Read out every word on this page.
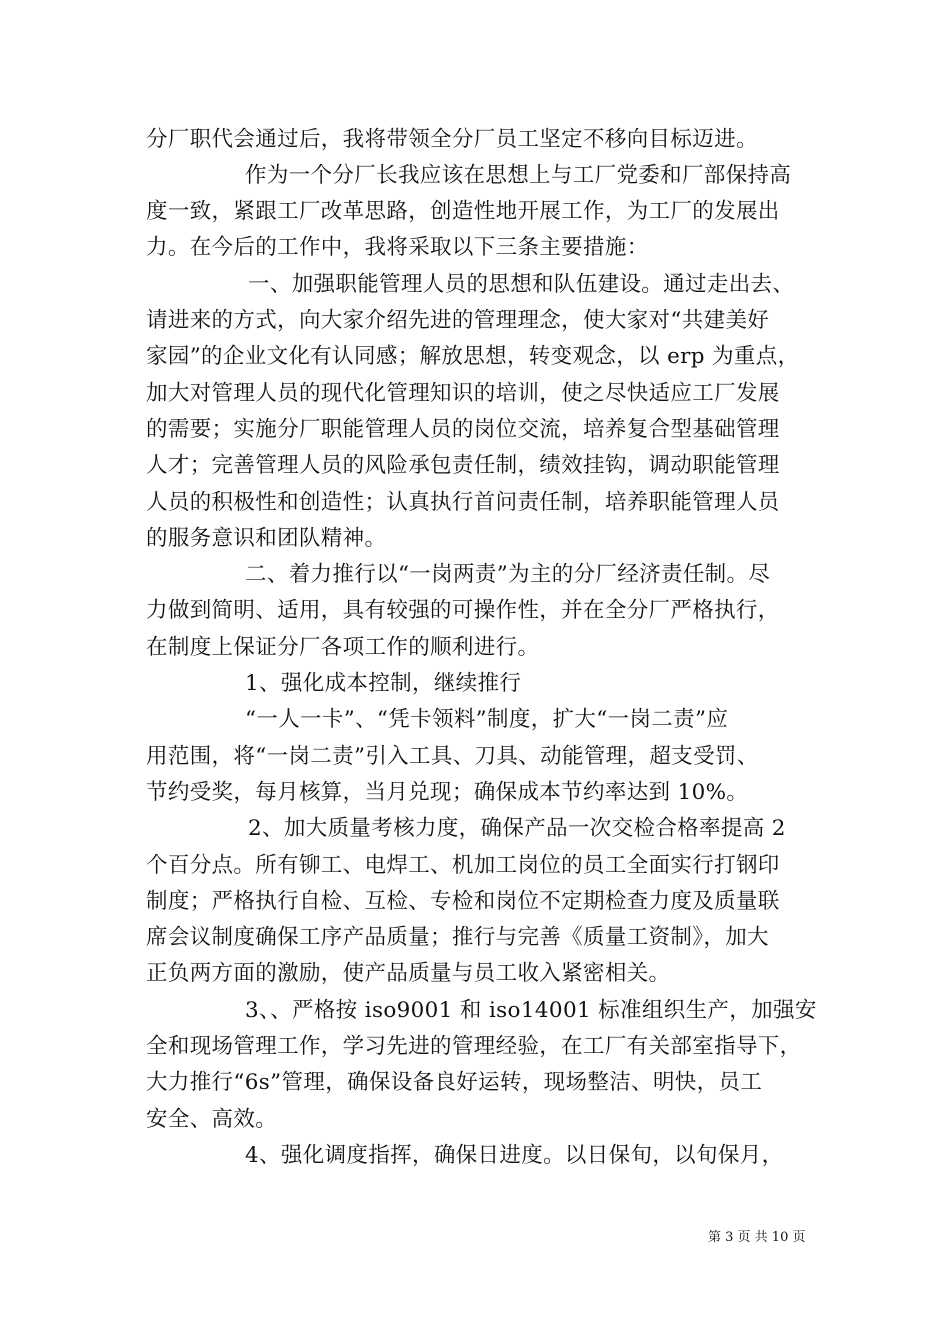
分厂职代会通过后，我将带领全分厂员工坚定不移向目标迈进。
作为一个分厂长我应该在思想上与工厂党委和厂部保持高
度一致，紧跟工厂改革思路，创造性地开展工作，为工厂的发展出
力。在今后的工作中，我将采取以下三条主要措施：
一、加强职能管理人员的思想和队伍建设。通过走出去、
请进来的方式，向大家介绍先进的管理理念，使大家对“共建美好
家园”的企业文化有认同感；解放思想，转变观念，以 erp 为重点，
加大对管理人员的现代化管理知识的培训，使之尽快适应工厂发展
的需要；实施分厂职能管理人员的岗位交流，培养复合型基础管理
人才；完善管理人员的风险承包责任制，绩效挂钩，调动职能管理
人员的积极性和创造性；认真执行首问责任制，培养职能管理人员
的服务意识和团队精神。
二、着力推行以“一岗两责”为主的分厂经济责任制。尽
力做到简明、适用，具有较强的可操作性，并在全分厂严格执行，
在制度上保证分厂各项工作的顺利进行。
1、强化成本控制，继续推行
“一人一卡”、“凭卡领料”制度，扩大“一岗二责”应
用范围，将“一岗二责”引入工具、刀具、动能管理，超支受罚、
节约受奖，每月核算，当月兑现；确保成本节约率达到 10%。
2、加大质量考核力度，确保产品一次交检合格率提高 2
个百分点。所有铆工、电焊工、机加工岗位的员工全面实行打钢印
制度；严格执行自检、互检、专检和岗位不定期检查力度及质量联
席会议制度确保工序产品质量；推行与完善《质量工资制》，加大
正负两方面的激励，使产品质量与员工收入紧密相关。
3、、严格按 iso9001 和 iso14001 标准组织生产，加强安
全和现场管理工作，学习先进的管理经验，在工厂有关部室指导下，
大力推行“6s”管理，确保设备良好运转，现场整洁、明快，员工
安全、高效。
4、强化调度指挥，确保日进度。以日保旬，以旬保月，
第 3 页 共 10 页
